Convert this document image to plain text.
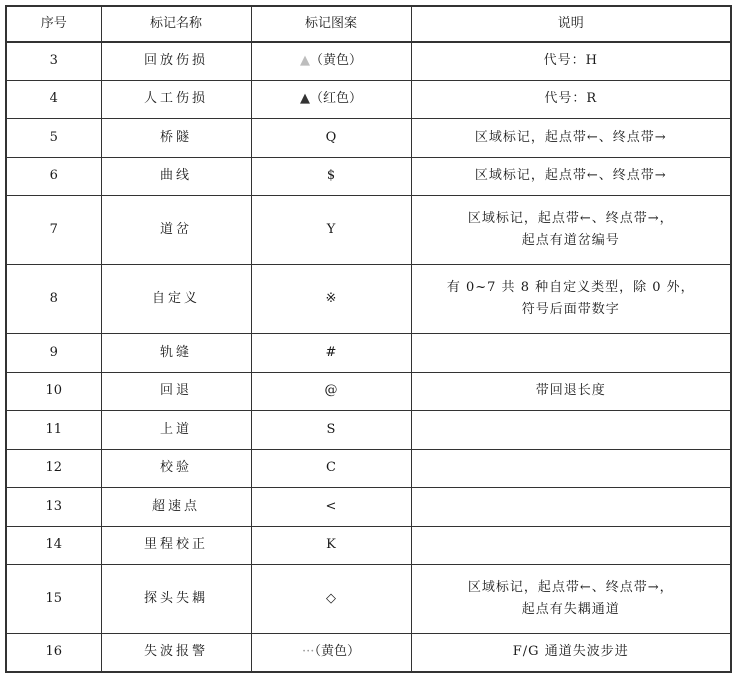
序号	标记名称	标记图案	说明
3	回放伤损	▲（黄色）	代号：H

4	人工伤损	▲（红色）	代号：R

5	桥隧	Q	区域标记，起点带←、终点带→

6	曲线	$	区域标记，起点带←、终点带→

7	道岔	Y	区域标记，起点带←、终点带→，
起点有道岔编号

8	自定义	※	有 0~7 共 8 种自定义类型，除 0 外，
符号后面带数字

9	轨缝	#	

10	回退	@	带回退长度

11	上道	S	

12	校验	C	

13	超速点	<	

14	里程校正	K	

15	探头失耦	◇	区域标记，起点带←、终点带→，
起点有失耦通道

16	失波报警	···（黄色）	F/G 通道失波步进
